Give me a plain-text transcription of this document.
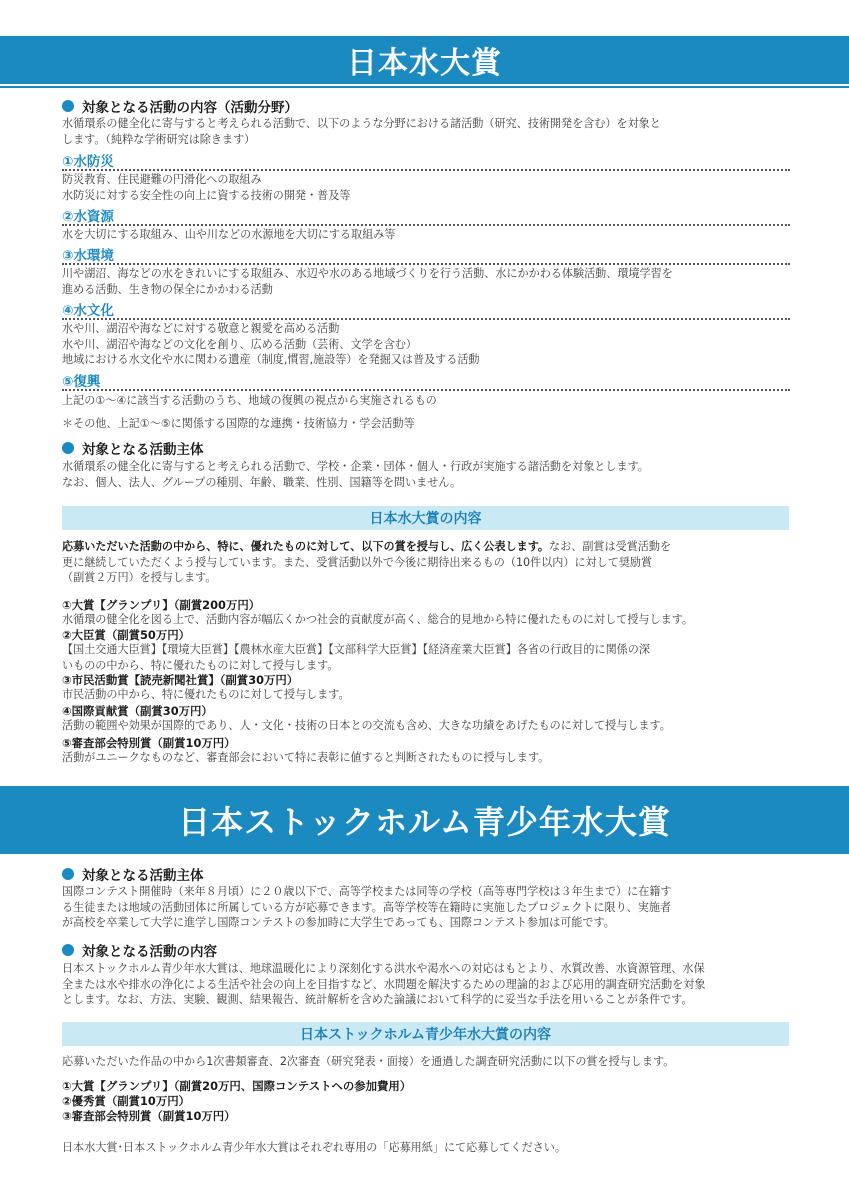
日本水大賞
対象となる活動の内容（活動分野）
水循環系の健全化に寄与すると考えられる活動で、以下のような分野における諸活動（研究、技術開発を含む）を対象と
します。（純粋な学術研究は除きます）
①水防災
防災教育、住民避難の円滑化への取組み
水防災に対する安全性の向上に資する技術の開発・普及等
②水資源
水を大切にする取組み、山や川などの水源地を大切にする取組み等
③水環境
川や湖沼、海などの水をきれいにする取組み、水辺や水のある地域づくりを行う活動、水にかかわる体験活動、環境学習を
進める活動、生き物の保全にかかわる活動
④水文化
水や川、湖沼や海などに対する敬意と親愛を高める活動
水や川、湖沼や海などの文化を創り、広める活動（芸術、文学を含む）
地域における水文化や水に関わる遺産（制度,慣習,施設等）を発掘又は普及する活動
⑤復興
上記の①～④に該当する活動のうち、地域の復興の視点から実施されるもの
＊その他、上記①～⑤に関係する国際的な連携・技術協力・学会活動等
対象となる活動主体
水循環系の健全化に寄与すると考えられる活動で、学校・企業・団体・個人・行政が実施する諸活動を対象とします。
なお、個人、法人、グループの種別、年齢、職業、性別、国籍等を問いません。
日本水大賞の内容
応募いただいた活動の中から、特に、優れたものに対して、以下の賞を授与し、広く公表します。なお、副賞は受賞活動を
更に継続していただくよう授与しています。また、受賞活動以外で今後に期待出来るもの（10件以内）に対して奨励賞
（副賞２万円）を授与します。
①大賞【グランプリ】（副賞200万円）
水循環の健全化を図る上で、活動内容が幅広くかつ社会的貢献度が高く、総合的見地から特に優れたものに対して授与します。
②大臣賞（副賞50万円）
【国土交通大臣賞】【環境大臣賞】【農林水産大臣賞】【文部科学大臣賞】【経済産業大臣賞】各省の行政目的に関係の深
いものの中から、特に優れたものに対して授与します。
③市民活動賞【読売新聞社賞】（副賞30万円）
市民活動の中から、特に優れたものに対して授与します。
④国際貢献賞（副賞30万円）
活動の範囲や効果が国際的であり、人・文化・技術の日本との交流も含め、大きな功績をあげたものに対して授与します。
⑤審査部会特別賞（副賞10万円）
活動がユニークなものなど、審査部会において特に表彰に値すると判断されたものに授与します。
日本ストックホルム青少年水大賞
対象となる活動主体
国際コンテスト開催時（来年８月頃）に２０歳以下で、高等学校または同等の学校（高等専門学校は３年生まで）に在籍す
る生徒または地域の活動団体に所属している方が応募できます。高等学校等在籍時に実施したプロジェクトに限り、実施者
が高校を卒業して大学に進学し国際コンテストの参加時に大学生であっても、国際コンテスト参加は可能です。
対象となる活動の内容
日本ストックホルム青少年水大賞は、地球温暖化により深刻化する洪水や渇水への対応はもとより、水質改善、水資源管理、水保
全または水や排水の浄化による生活や社会の向上を目指すなど、水問題を解決するための理論的および応用的調査研究活動を対象
とします。なお、方法、実験、観測、結果報告、統計解析を含めた論議において科学的に妥当な手法を用いることが条件です。
日本ストックホルム青少年水大賞の内容
応募いただいた作品の中から1次書類審査、2次審査（研究発表・面接）を通過した調査研究活動に以下の賞を授与します。
①大賞【グランプリ】（副賞20万円、国際コンテストへの参加費用）
②優秀賞（副賞10万円）
③審査部会特別賞（副賞10万円）
日本水大賞･日本ストックホルム青少年水大賞はそれぞれ専用の「応募用紙」にて応募してください。
